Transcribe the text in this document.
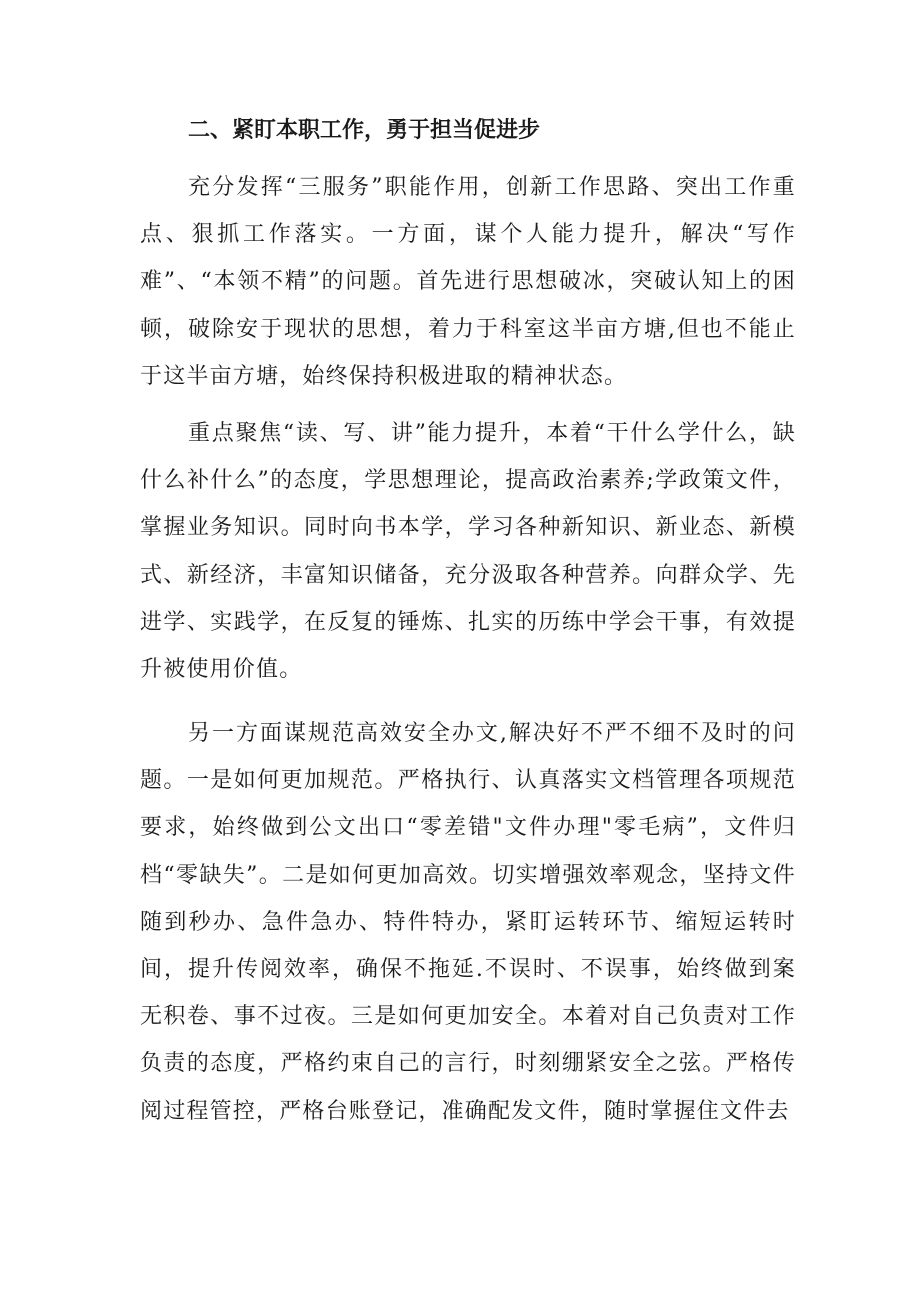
二、紧盯本职工作，勇于担当促进步

充分发挥“三服务”职能作用，创新工作思路、突出工作重点、狠抓工作落实。一方面，谋个人能力提升，解决“写作难”、“本领不精”的问题。首先进行思想破冰，突破认知上的困顿，破除安于现状的思想，着力于科室这半亩方塘,但也不能止于这半亩方塘，始终保持积极进取的精神状态。

重点聚焦“读、写、讲”能力提升，本着“干什么学什么，缺什么补什么”的态度，学思想理论，提高政治素养;学政策文件，掌握业务知识。同时向书本学，学习各种新知识、新业态、新模式、新经济，丰富知识储备，充分汲取各种营养。向群众学、先进学、实践学，在反复的锤炼、扎实的历练中学会干事，有效提升被使用价值。

另一方面谋规范高效安全办文,解决好不严不细不及时的问题。一是如何更加规范。严格执行、认真落实文档管理各项规范要求，始终做到公文出口“零差错"文件办理"零毛病”，文件归档“零缺失”。二是如何更加高效。切实增强效率观念，坚持文件随到秒办、急件急办、特件特办，紧盯运转环节、缩短运转时间，提升传阅效率，确保不拖延.不误时、不误事，始终做到案无积卷、事不过夜。三是如何更加安全。本着对自己负责对工作负责的态度，严格约束自己的言行，时刻绷紧安全之弦。严格传阅过程管控，严格台账登记，准确配发文件，随时掌握住文件去
